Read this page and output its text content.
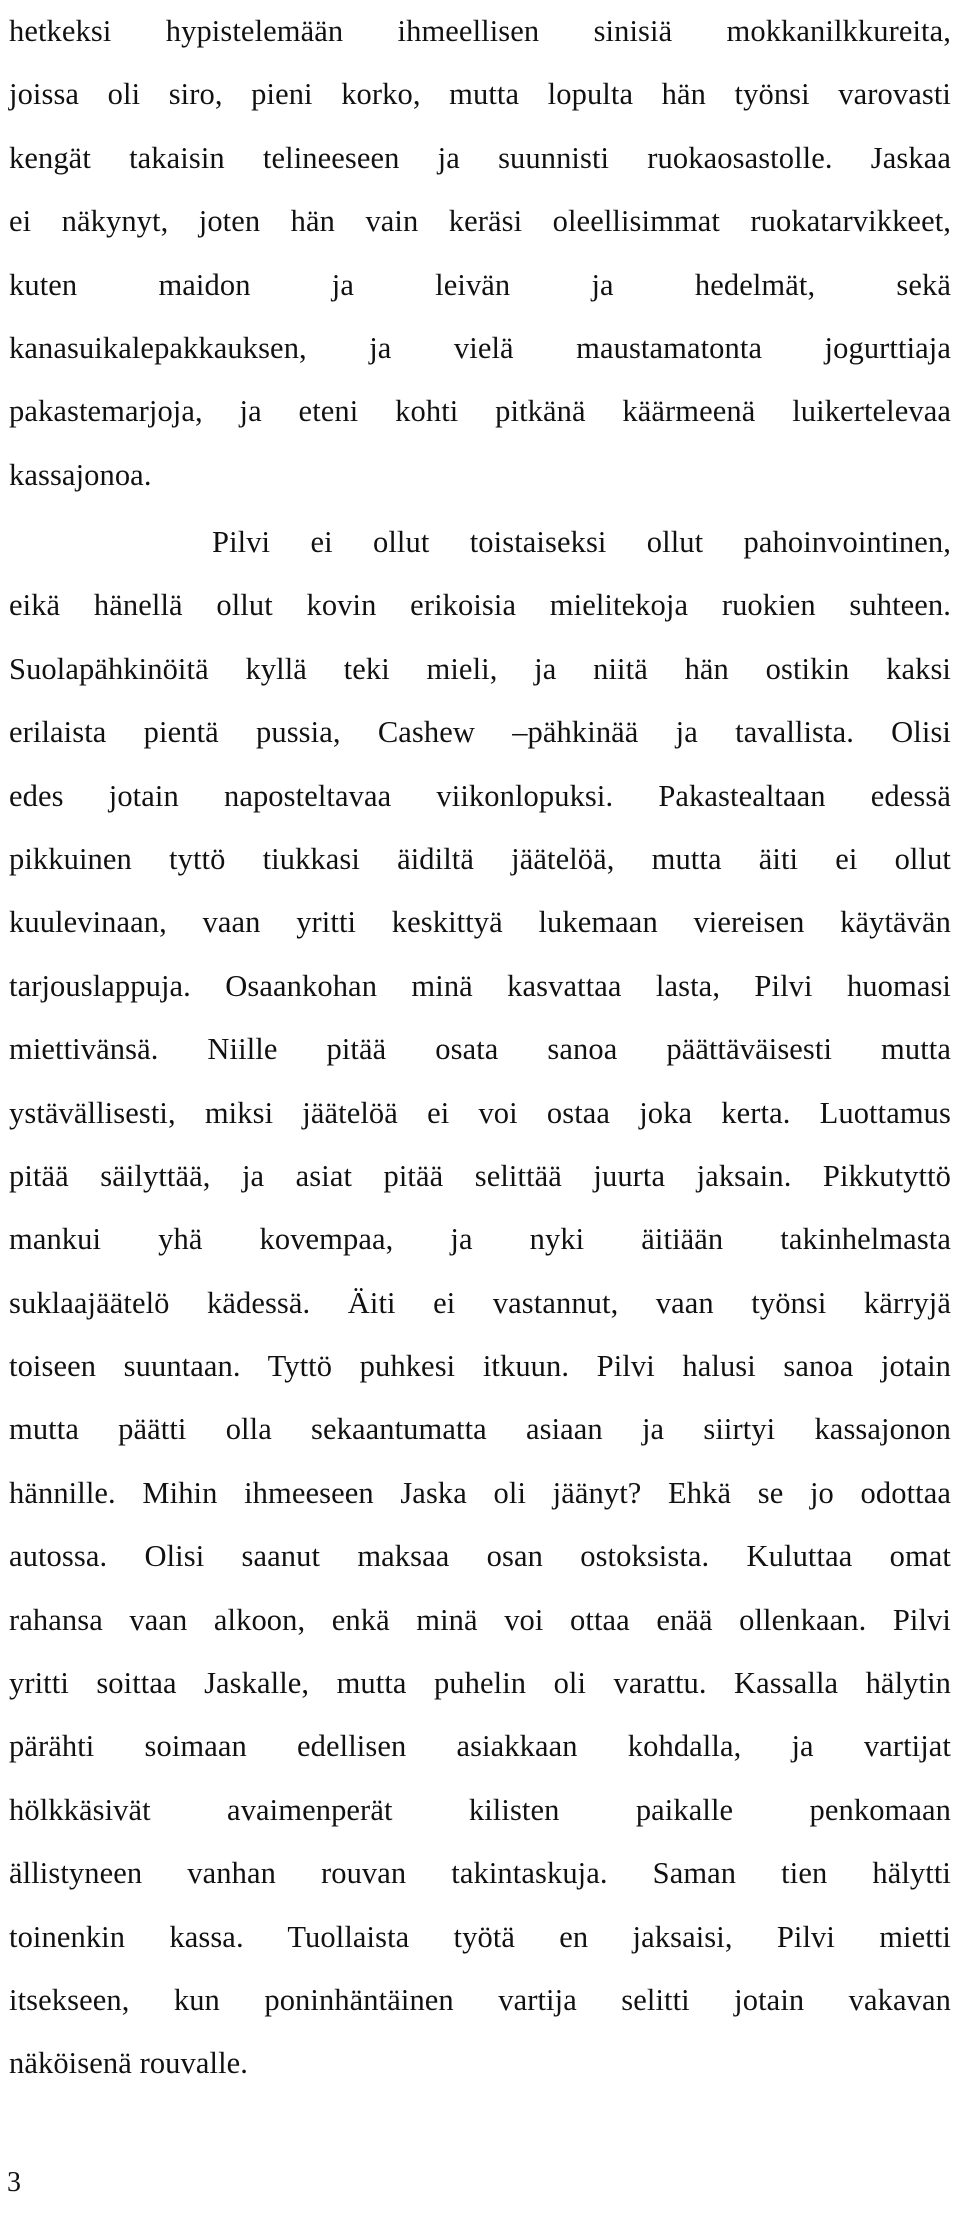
hetkeksi hypistelemään ihmeellisen sinisiä mokkanilkkureita,
joissa oli siro, pieni korko, mutta lopulta hän työnsi varovasti
kengät takaisin telineeseen ja suunnisti ruokaosastolle. Jaskaa
ei näkynyt, joten hän vain keräsi oleellisimmat ruokatarvikkeet,
kuten maidon ja leivän ja hedelmät, sekä
kanasuikalepakkauksen, ja vielä maustamatonta jogurttiaja
pakastemarjoja, ja eteni kohti pitkänä käärmeenä luikertelevaa
kassajonoa.
Pilvi ei ollut toistaiseksi ollut pahoinvointinen,
eikä hänellä ollut kovin erikoisia mielitekoja ruokien suhteen.
Suolapähkinöitä kyllä teki mieli, ja niitä hän ostikin kaksi
erilaista pientä pussia, Cashew –pähkinää ja tavallista. Olisi
edes jotain naposteltavaa viikonlopuksi. Pakastealtaan edessä
pikkuinen tyttö tiukkasi äidiltä jäätelöä, mutta äiti ei ollut
kuulevinaan, vaan yritti keskittyä lukemaan viereisen käytävän
tarjouslappuja. Osaankohan minä kasvattaa lasta, Pilvi huomasi
miettivänsä. Niille pitää osata sanoa päättäväisesti mutta
ystävällisesti, miksi jäätelöä ei voi ostaa joka kerta. Luottamus
pitää säilyttää, ja asiat pitää selittää juurta jaksain. Pikkutyttö
mankui yhä kovempaa, ja nyki äitiään takinhelmasta
suklaajäätelö kädessä. Äiti ei vastannut, vaan työnsi kärryjä
toiseen suuntaan. Tyttö puhkesi itkuun. Pilvi halusi sanoa jotain
mutta päätti olla sekaantumatta asiaan ja siirtyi kassajonon
hännille. Mihin ihmeeseen Jaska oli jäänyt? Ehkä se jo odottaa
autossa. Olisi saanut maksaa osan ostoksista. Kuluttaa omat
rahansa vaan alkoon, enkä minä voi ottaa enää ollenkaan. Pilvi
yritti soittaa Jaskalle, mutta puhelin oli varattu. Kassalla hälytin
pärähti soimaan edellisen asiakkaan kohdalla, ja vartijat
hölkkäsivät avaimenperät kilisten paikalle penkomaan
ällistyneen vanhan rouvan takintaskuja. Saman tien hälytti
toinenkin kassa. Tuollaista työtä en jaksaisi, Pilvi mietti
itsekseen, kun poninhäntäinen vartija selitti jotain vakavan
näköisenä rouvalle.
3
